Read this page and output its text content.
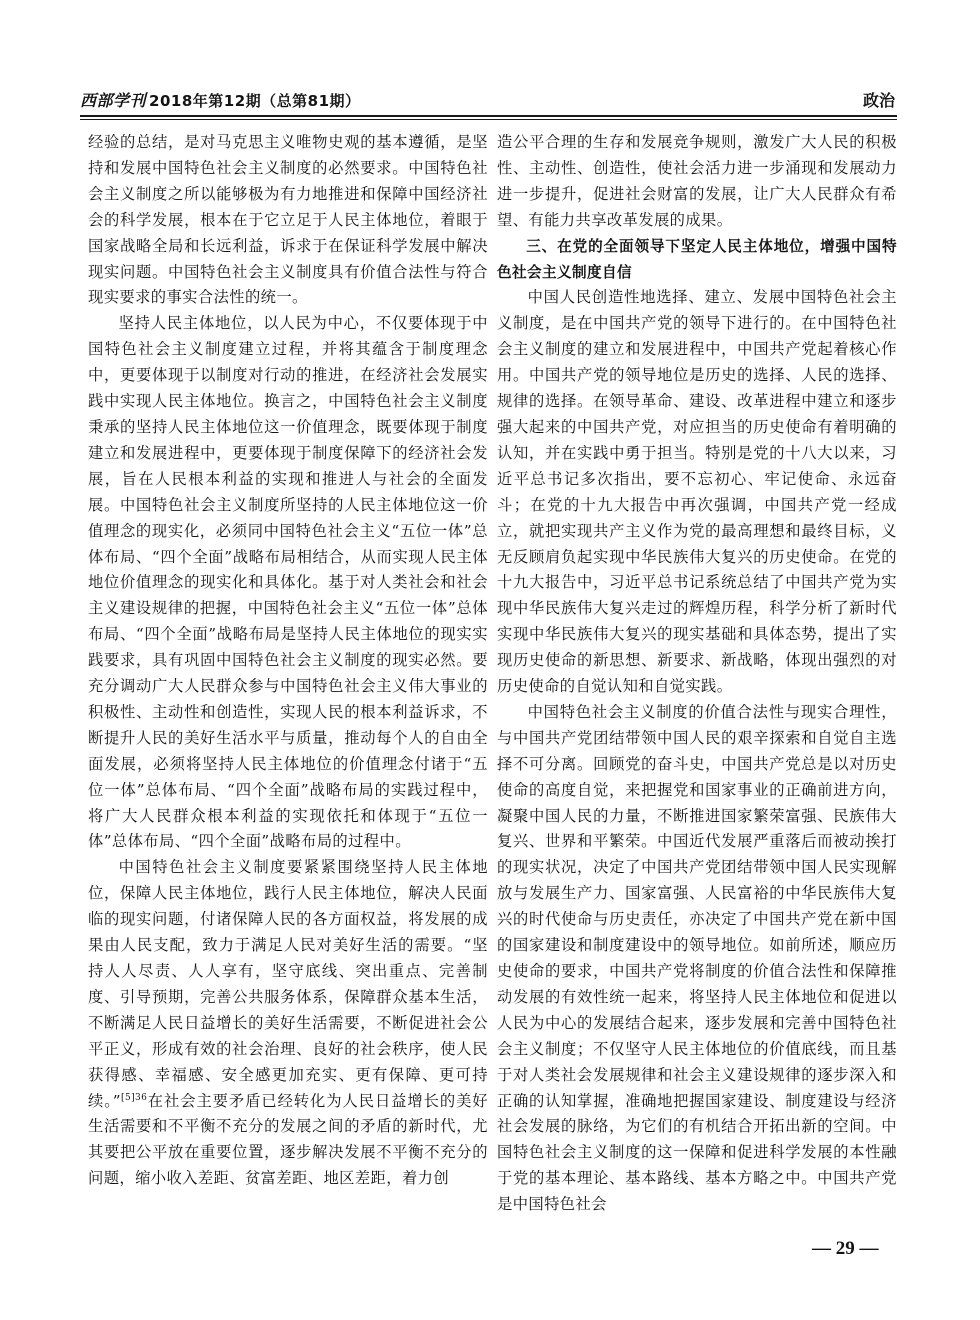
西部学刊 2018年第12期（总第81期）	政治

经验的总结，是对马克思主义唯物史观的基本遵循，是坚持和发展中国特色社会主义制度的必然要求。中国特色社会主义制度之所以能够极为有力地推进和保障中国经济社会的科学发展，根本在于它立足于人民主体地位，着眼于国家战略全局和长远利益，诉求于在保证科学发展中解决现实问题。中国特色社会主义制度具有价值合法性与符合现实要求的事实合法性的统一。

坚持人民主体地位，以人民为中心，不仅要体现于中国特色社会主义制度建立过程，并将其蕴含于制度理念中，更要体现于以制度对行动的推进，在经济社会发展实践中实现人民主体地位。换言之，中国特色社会主义制度秉承的坚持人民主体地位这一价值理念，既要体现于制度建立和发展进程中，更要体现于制度保障下的经济社会发展，旨在人民根本利益的实现和推进人与社会的全面发展。中国特色社会主义制度所坚持的人民主体地位这一价值理念的现实化，必须同中国特色社会主义“五位一体”总体布局、“四个全面”战略布局相结合，从而实现人民主体地位价值理念的现实化和具体化。基于对人类社会和社会主义建设规律的把握，中国特色社会主义“五位一体”总体布局、“四个全面”战略布局是坚持人民主体地位的现实实践要求，具有巩固中国特色社会主义制度的现实必然。要充分调动广大人民群众参与中国特色社会主义伟大事业的积极性、主动性和创造性，实现人民的根本利益诉求，不断提升人民的美好生活水平与质量，推动每个人的自由全面发展，必须将坚持人民主体地位的价值理念付诸于“五位一体”总体布局、“四个全面”战略布局的实践过程中，将广大人民群众根本利益的实现依托和体现于“五位一体”总体布局、“四个全面”战略布局的过程中。

中国特色社会主义制度要紧紧围绕坚持人民主体地位，保障人民主体地位，践行人民主体地位，解决人民面临的现实问题，付诸保障人民的各方面权益，将发展的成果由人民支配，致力于满足人民对美好生活的需要。“坚持人人尽责、人人享有，坚守底线、突出重点、完善制度、引导预期，完善公共服务体系，保障群众基本生活，不断满足人民日益增长的美好生活需要，不断促进社会公平正义，形成有效的社会治理、良好的社会秩序，使人民获得感、幸福感、安全感更加充实、更有保障、更可持续。”$^{[5]36}$在社会主要矛盾已经转化为人民日益增长的美好生活需要和不平衡不充分的发展之间的矛盾的新时代，尤其要把公平放在重要位置，逐步解决发展不平衡不充分的问题，缩小收入差距、贫富差距、地区差距，着力创

造公平合理的生存和发展竞争规则，激发广大人民的积极性、主动性、创造性，使社会活力进一步涌现和发展动力进一步提升，促进社会财富的发展，让广大人民群众有希望、有能力共享改革发展的成果。

三、在党的全面领导下坚定人民主体地位，增强中国特色社会主义制度自信

中国人民创造性地选择、建立、发展中国特色社会主义制度，是在中国共产党的领导下进行的。在中国特色社会主义制度的建立和发展进程中，中国共产党起着核心作用。中国共产党的领导地位是历史的选择、人民的选择、规律的选择。在领导革命、建设、改革进程中建立和逐步强大起来的中国共产党，对应担当的历史使命有着明确的认知，并在实践中勇于担当。特别是党的十八大以来，习近平总书记多次指出，要不忘初心、牢记使命、永远奋斗；在党的十九大报告中再次强调，中国共产党一经成立，就把实现共产主义作为党的最高理想和最终目标，义无反顾肩负起实现中华民族伟大复兴的历史使命。在党的十九大报告中，习近平总书记系统总结了中国共产党为实现中华民族伟大复兴走过的辉煌历程，科学分析了新时代实现中华民族伟大复兴的现实基础和具体态势，提出了实现历史使命的新思想、新要求、新战略，体现出强烈的对历史使命的自觉认知和自觉实践。

中国特色社会主义制度的价值合法性与现实合理性，与中国共产党团结带领中国人民的艰辛探索和自觉自主选择不可分离。回顾党的奋斗史，中国共产党总是以对历史使命的高度自觉，来把握党和国家事业的正确前进方向，凝聚中国人民的力量，不断推进国家繁荣富强、民族伟大复兴、世界和平繁荣。中国近代发展严重落后而被动挨打的现实状况，决定了中国共产党团结带领中国人民实现解放与发展生产力、国家富强、人民富裕的中华民族伟大复兴的时代使命与历史责任，亦决定了中国共产党在新中国的国家建设和制度建设中的领导地位。如前所述，顺应历史使命的要求，中国共产党将制度的价值合法性和保障推动发展的有效性统一起来，将坚持人民主体地位和促进以人民为中心的发展结合起来，逐步发展和完善中国特色社会主义制度；不仅坚守人民主体地位的价值底线，而且基于对人类社会发展规律和社会主义建设规律的逐步深入和正确的认知掌握，准确地把握国家建设、制度建设与经济社会发展的脉络，为它们的有机结合开拓出新的空间。中国特色社会主义制度的这一保障和促进科学发展的本性融于党的基本理论、基本路线、基本方略之中。中国共产党是中国特色社会

— 29 —
